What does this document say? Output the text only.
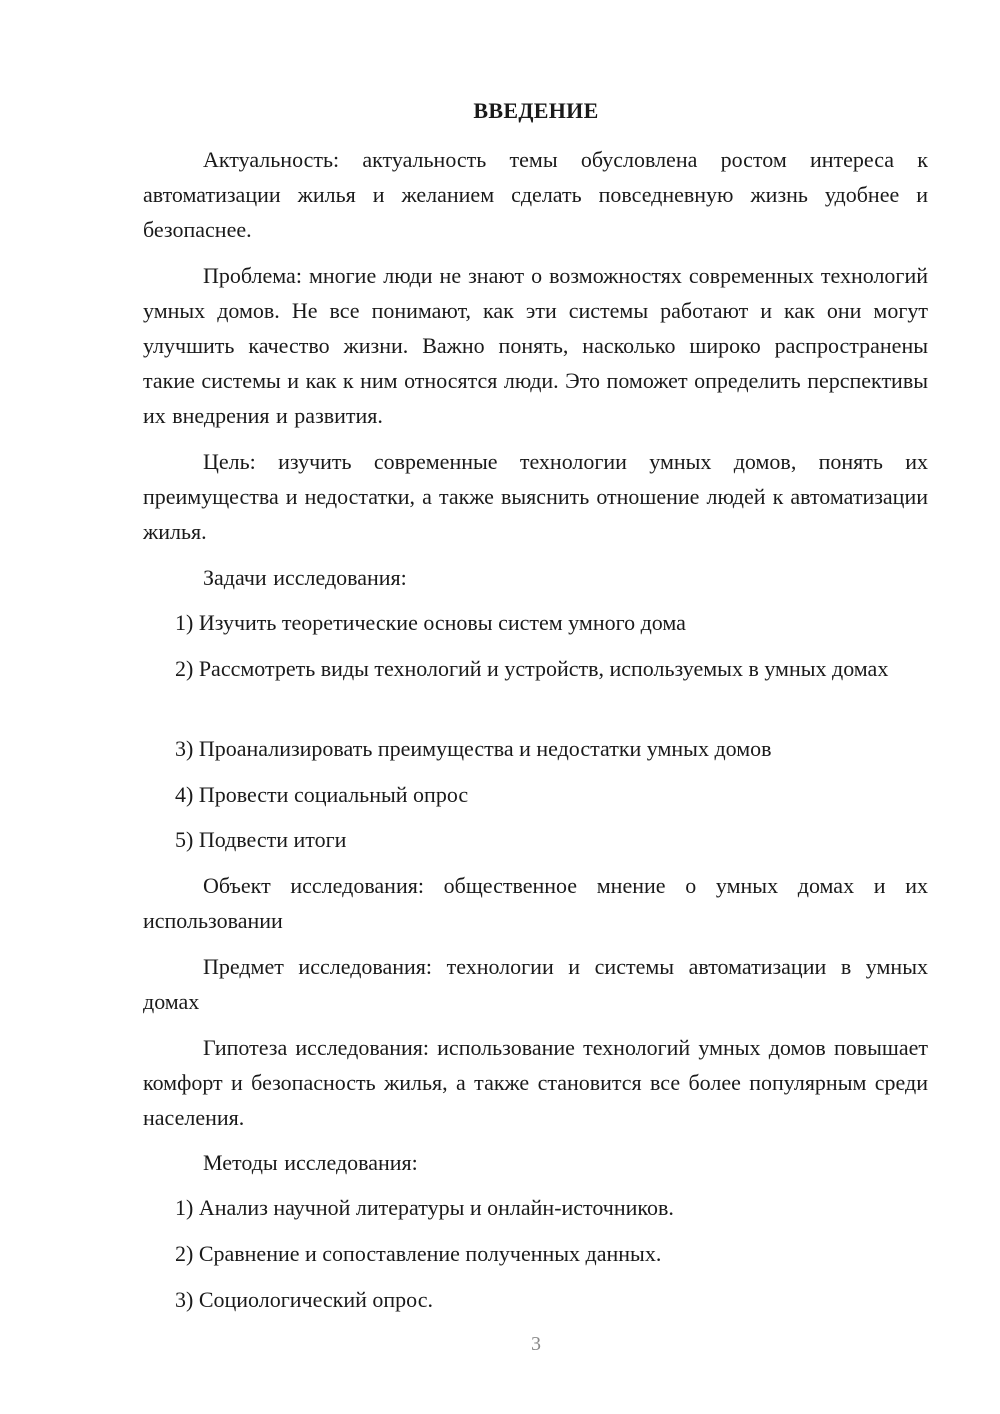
ВВЕДЕНИЕ
Актуальность: актуальность темы обусловлена ростом интереса к автоматизации жилья и желанием сделать повседневную жизнь удобнее и безопаснее.
Проблема: многие люди не знают о возможностях современных технологий умных домов. Не все понимают, как эти системы работают и как они могут улучшить качество жизни. Важно понять, насколько широко распространены такие системы и как к ним относятся люди. Это поможет определить перспективы их внедрения и развития.
Цель: изучить современные технологии умных домов, понять их преимущества и недостатки, а также выяснить отношение людей к автоматизации жилья.
Задачи исследования:
1) Изучить теоретические основы систем умного дома
2) Рассмотреть виды технологий и устройств, используемых в умных домах
3) Проанализировать преимущества и недостатки умных домов
4) Провести социальный опрос
5) Подвести итоги
Объект исследования: общественное мнение о умных домах и их использовании
Предмет исследования: технологии и системы автоматизации в умных домах
Гипотеза исследования: использование технологий умных домов повышает комфорт и безопасность жилья, а также становится все более популярным среди населения.
Методы исследования:
1) Анализ научной литературы и онлайн-источников.
2) Сравнение и сопоставление полученных данных.
3) Социологический опрос.
3
